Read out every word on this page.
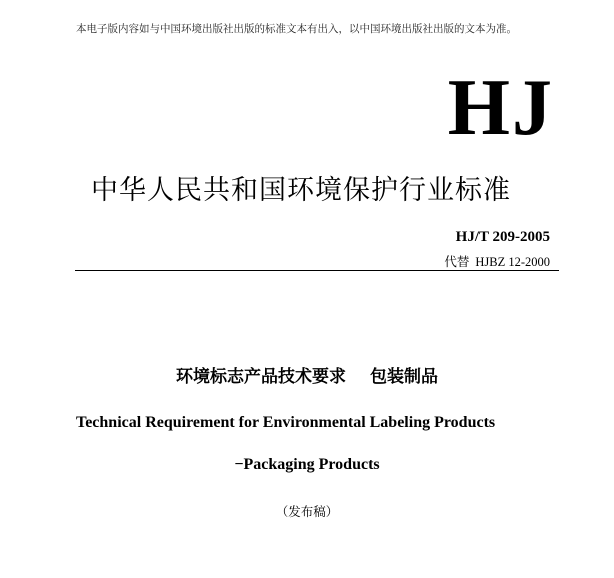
本电子版内容如与中国环境出版社出版的标准文本有出入，以中国环境出版社出版的文本为准。
HJ
中华人民共和国环境保护行业标准
HJ/T 209-2005
代替 HJBZ 12-2000
环境标志产品技术要求 包装制品
Technical Requirement for Environmental Labeling Products
−Packaging Products
（发布稿）
